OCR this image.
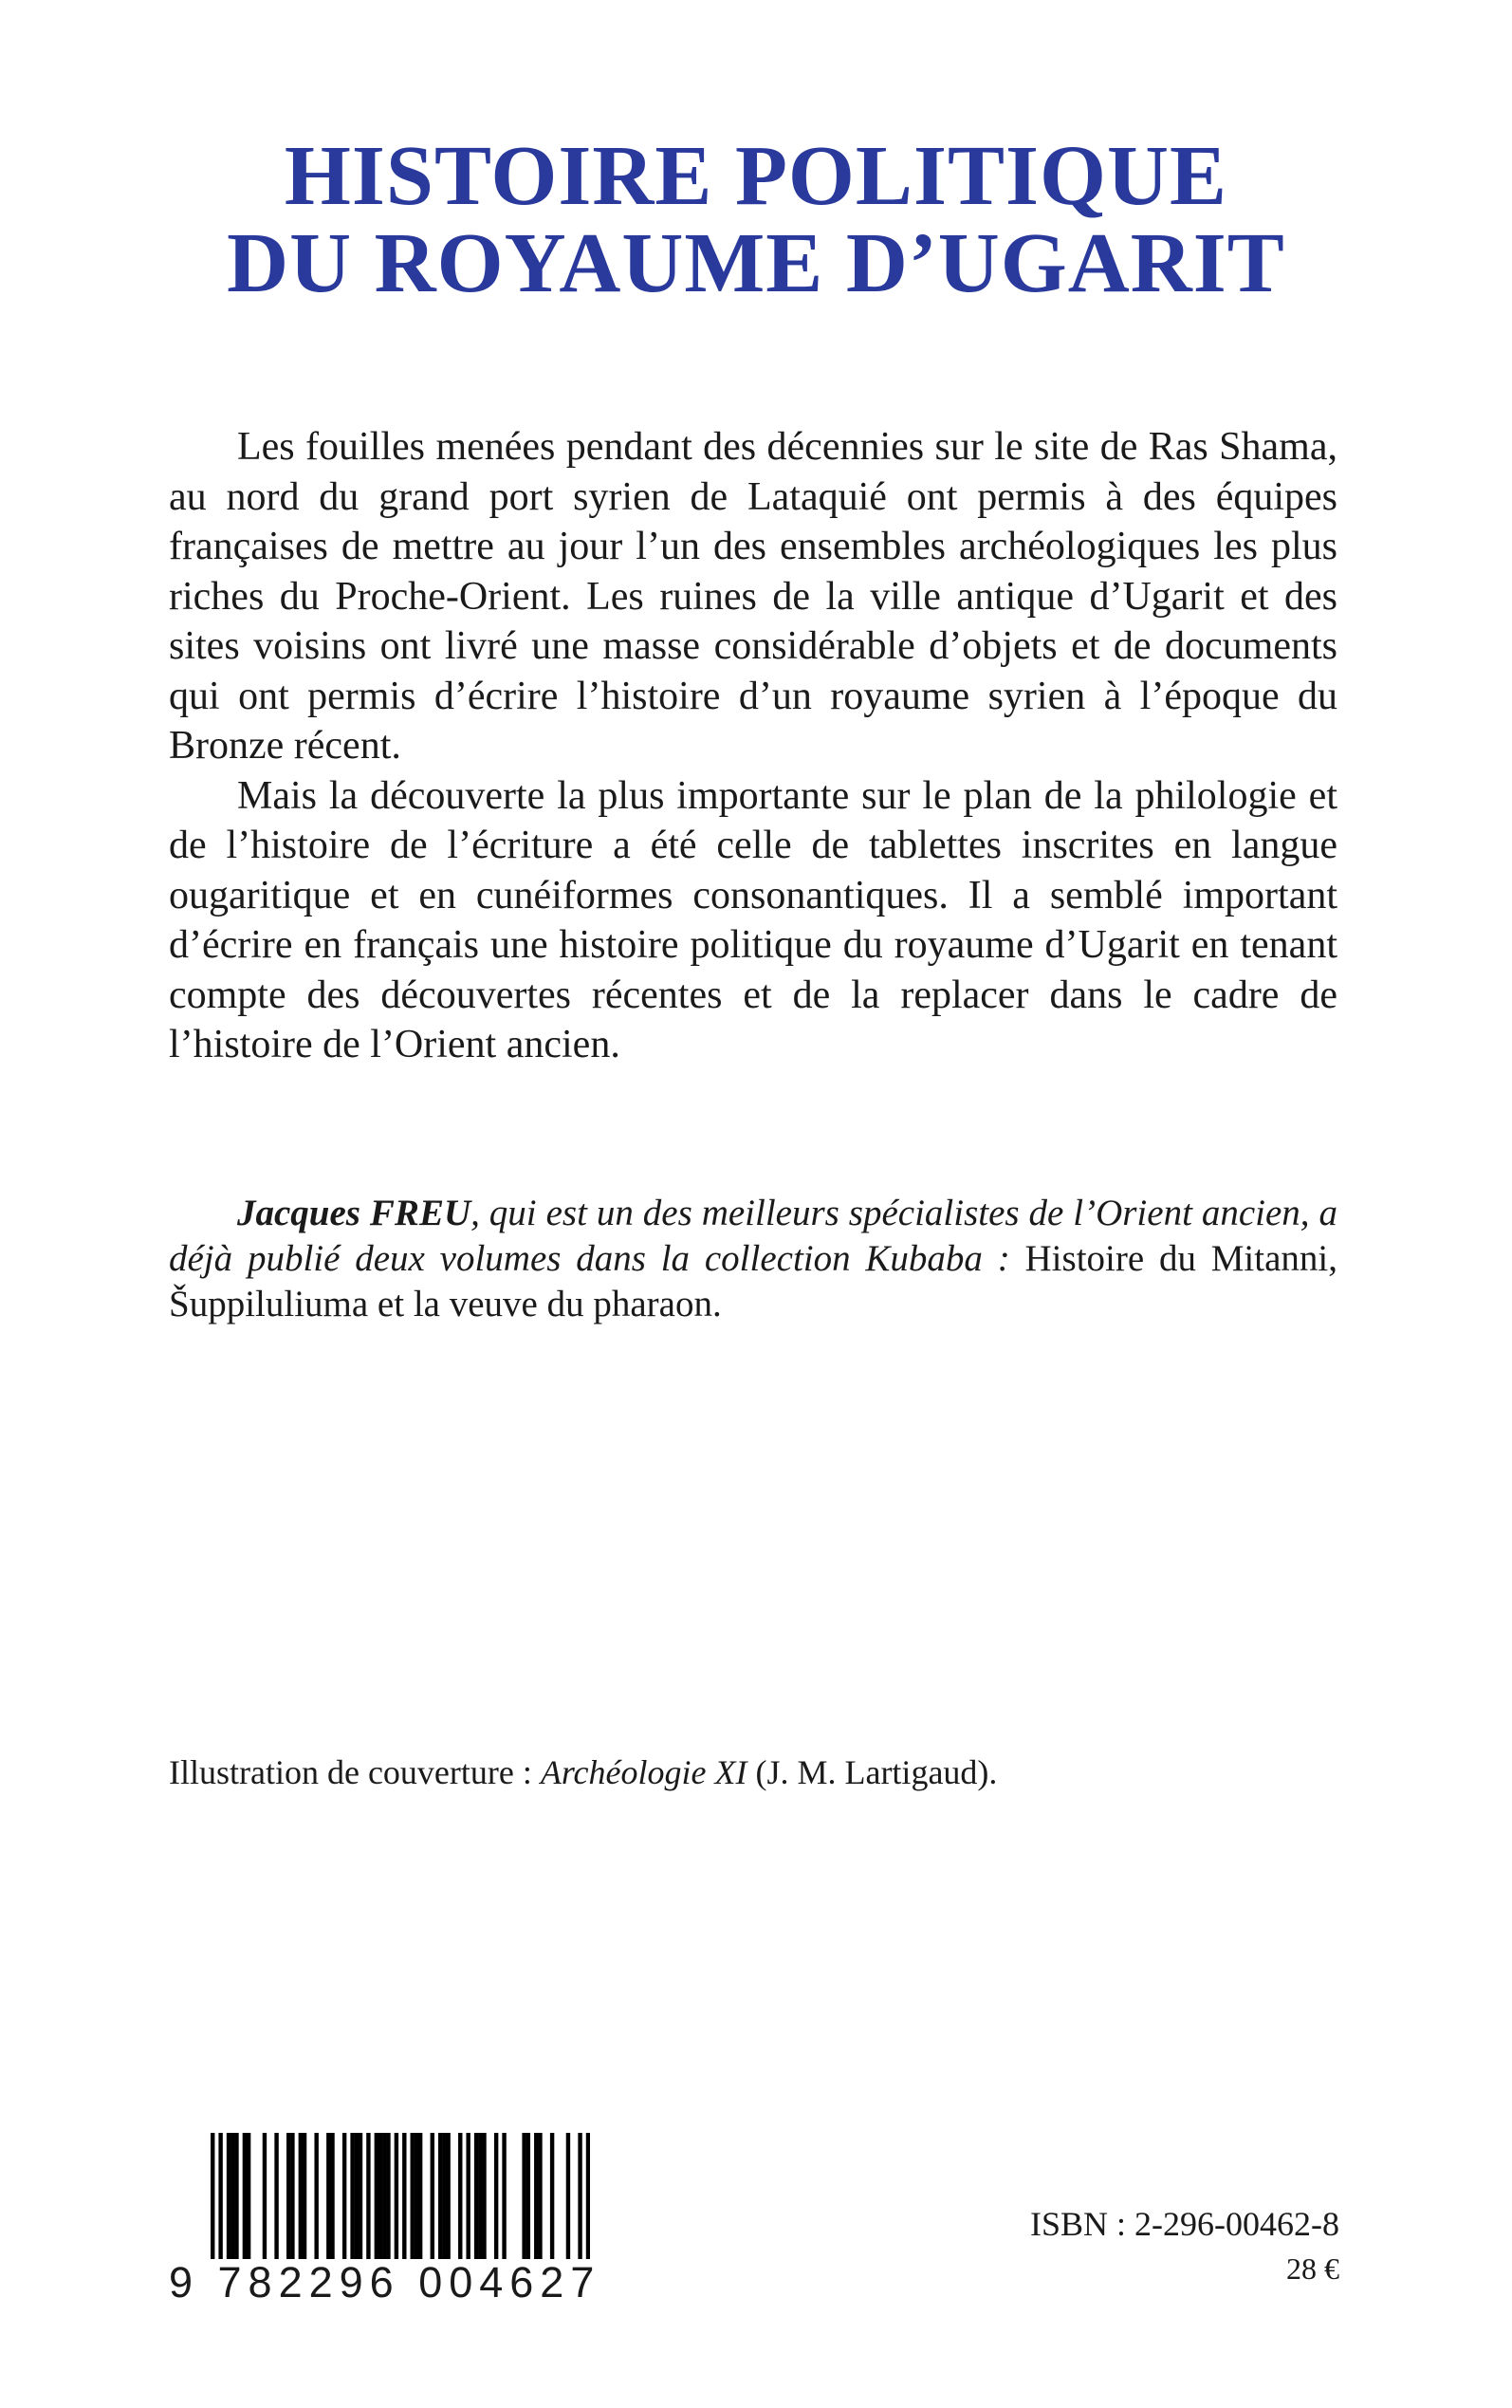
HISTOIRE POLITIQUE
DU ROYAUME D’UGARIT

Les fouilles menées pendant des décennies sur le site de Ras Shama, au nord du grand port syrien de Lataquié ont permis à des équipes françaises de mettre au jour l’un des ensembles archéologiques les plus riches du Proche-Orient. Les ruines de la ville antique d’Ugarit et des sites voisins ont livré une masse considérable d’objets et de documents qui ont permis d’écrire l’histoire d’un royaume syrien à l’époque du Bronze récent.

Mais la découverte la plus importante sur le plan de la philologie et de l’histoire de l’écriture a été celle de tablettes inscrites en langue ougaritique et en cunéiformes consonantiques. Il a semblé important d’écrire en français une histoire politique du royaume d’Ugarit en tenant compte des découvertes récentes et de la replacer dans le cadre de l’histoire de l’Orient ancien.

Jacques FREU, qui est un des meilleurs spécialistes de l’Orient ancien, a déjà publié deux volumes dans la collection Kubaba : Histoire du Mitanni, Šuppiluliuma et la veuve du pharaon.
Illustration de couverture : Archéologie XI (J. M. Lartigaud).
9 782296 004627
ISBN : 2-296-00462-8
28 €
